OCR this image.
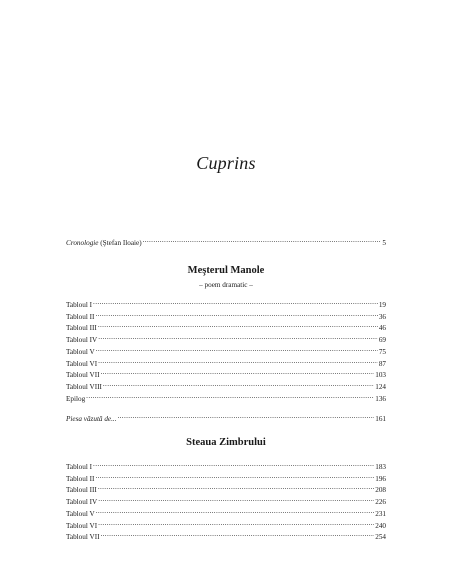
Cuprins
Cronologie (Ştefan Iloaie) .....	5
Meşterul Manole
– poem dramatic –
Tabloul I .....	19
Tabloul II .....	36
Tabloul III .....	46
Tabloul IV .....	69
Tabloul V .....	75
Tabloul VI .....	87
Tabloul VII .....	103
Tabloul VIII .....	124
Epilog .....	136
Piesa văzută de... .....	161
Steaua Zimbrului
Tabloul I .....	183
Tabloul II .....	196
Tabloul III .....	208
Tabloul IV .....	226
Tabloul V .....	231
Tabloul VI .....	240
Tabloul VII .....	254
